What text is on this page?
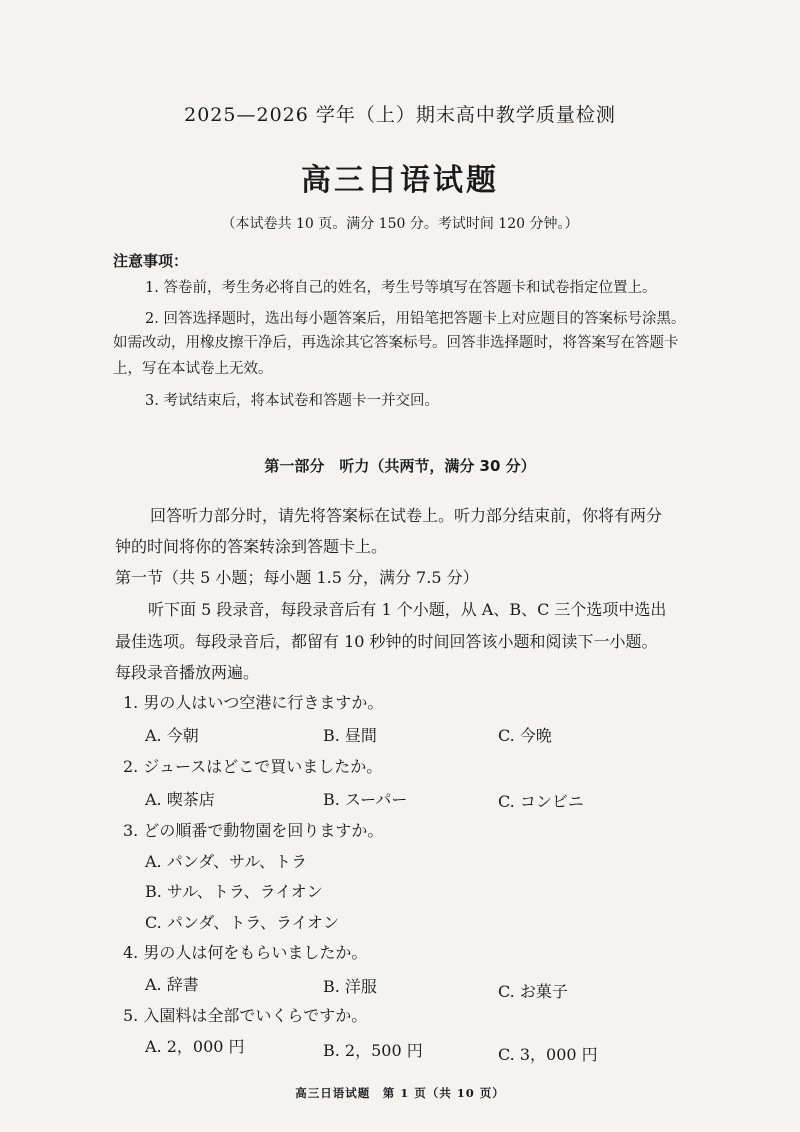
2025—2026 学年（上）期末高中教学质量检测
高三日语试题
（本试卷共 10 页。满分 150 分。考试时间 120 分钟。）
注意事项：
1. 答卷前，考生务必将自己的姓名，考生号等填写在答题卡和试卷指定位置上。
2. 回答选择题时，选出每小题答案后，用铅笔把答题卡上对应题目的答案标号涂黑。
如需改动，用橡皮擦干净后，再选涂其它答案标号。回答非选择题时，将答案写在答题卡
上，写在本试卷上无效。
3. 考试结束后，将本试卷和答题卡一并交回。
第一部分　听力（共两节，满分 30 分）
回答听力部分时，请先将答案标在试卷上。听力部分结束前，你将有两分
钟的时间将你的答案转涂到答题卡上。
第一节（共 5 小题；每小题 1.5 分，满分 7.5 分）
听下面 5 段录音，每段录音后有 1 个小题，从 A、B、C 三个选项中选出
最佳选项。每段录音后，都留有 10 秒钟的时间回答该小题和阅读下一小题。
每段录音播放两遍。
1. 男の人はいつ空港に行きますか。
A. 今朝	B. 昼間	C. 今晩
2. ジュースはどこで買いましたか。
A. 喫茶店	B. スーパー	C. コンビニ
3. どの順番で動物園を回りますか。
A. パンダ、サル、トラ
B. サル、トラ、ライオン
C. パンダ、トラ、ライオン
4. 男の人は何をもらいましたか。
A. 辞書	B. 洋服	C. お菓子
5. 入園料は全部でいくらですか。
A. 2，000 円	B. 2，500 円	C. 3，000 円
高三日语试题　第 1 页（共 10 页）
